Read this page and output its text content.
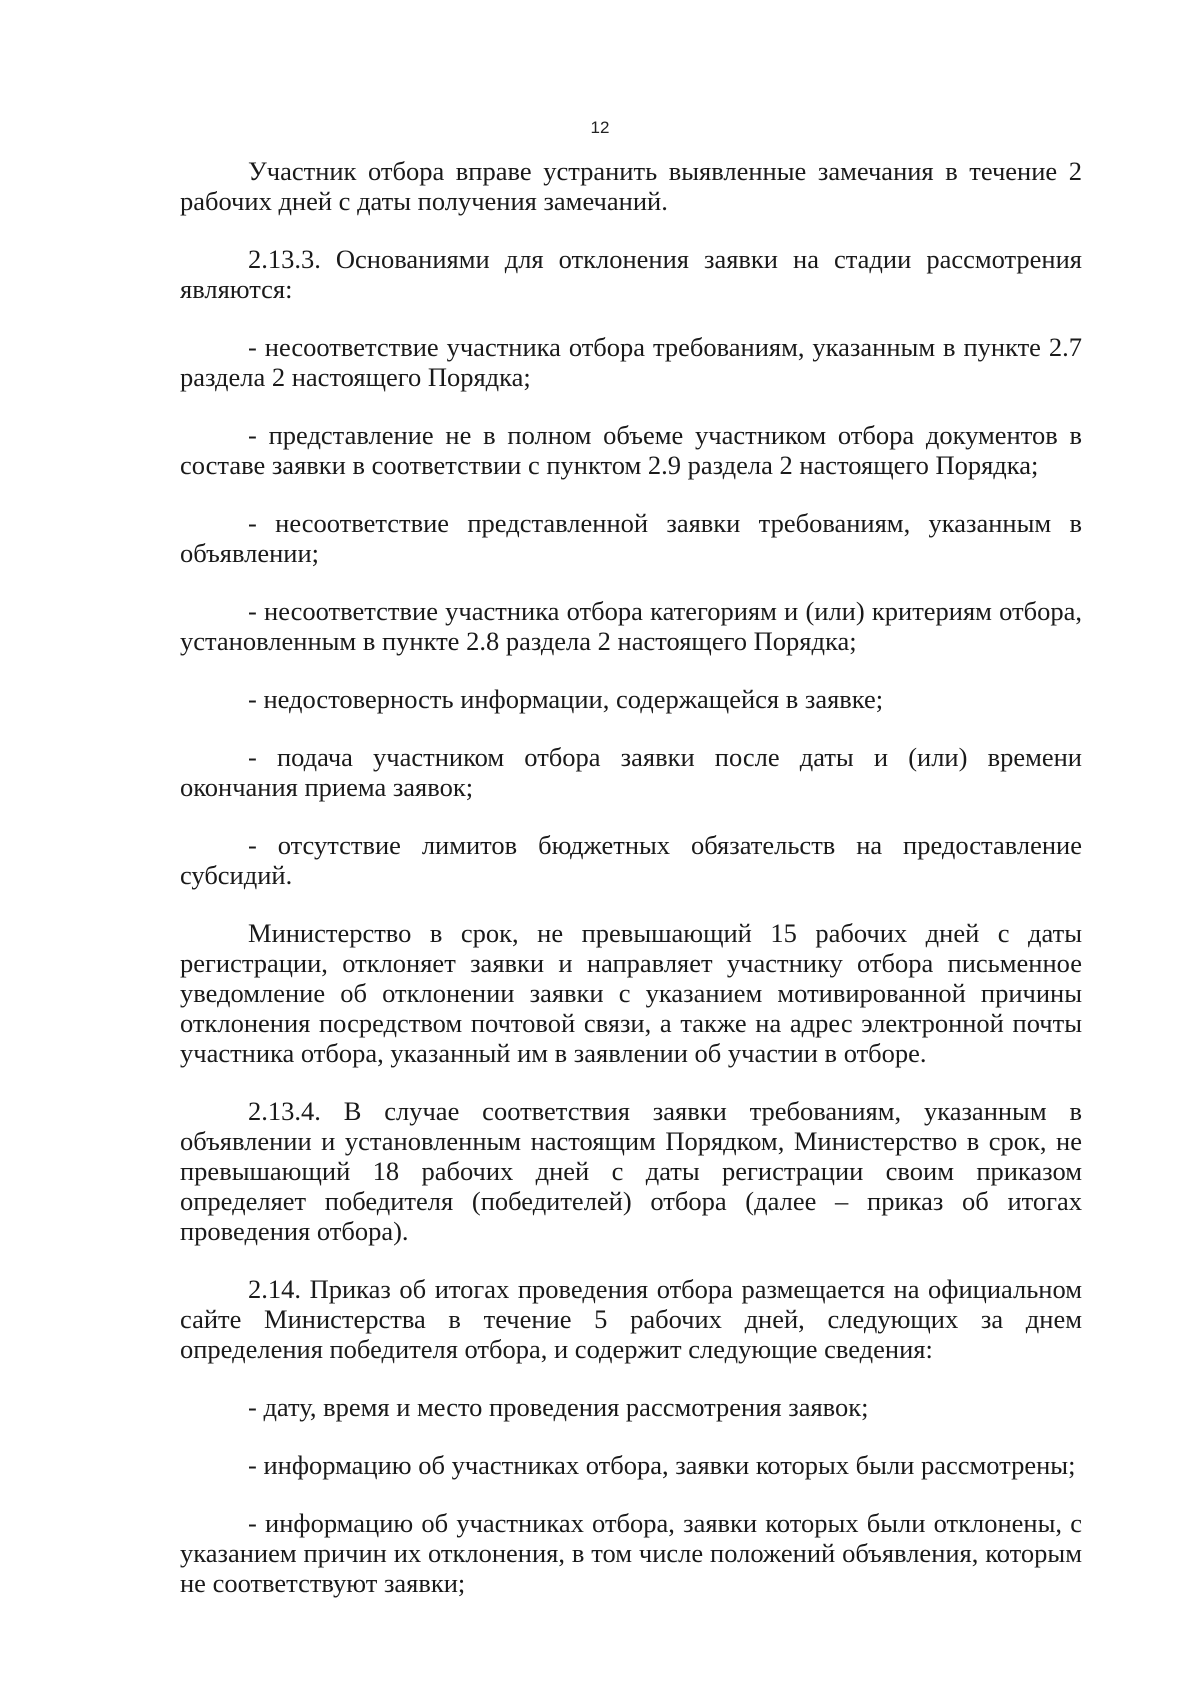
12

Участник отбора вправе устранить выявленные замечания в течение 2 рабочих дней с даты получения замечаний.

2.13.3. Основаниями для отклонения заявки на стадии рассмотрения являются:

- несоответствие участника отбора требованиям, указанным в пункте 2.7 раздела 2 настоящего Порядка;

- представление не в полном объеме участником отбора документов в составе заявки в соответствии с пунктом 2.9 раздела 2 настоящего Порядка;

- несоответствие представленной заявки требованиям, указанным в объявлении;

- несоответствие участника отбора категориям и (или) критериям отбора, установленным в пункте 2.8 раздела 2 настоящего Порядка;

- недостоверность информации, содержащейся в заявке;

- подача участником отбора заявки после даты и (или) времени окончания приема заявок;

- отсутствие лимитов бюджетных обязательств на предоставление субсидий.

Министерство в срок, не превышающий 15 рабочих дней с даты регистрации, отклоняет заявки и направляет участнику отбора письменное уведомление об отклонении заявки с указанием мотивированной причины отклонения посредством почтовой связи, а также на адрес электронной почты участника отбора, указанный им в заявлении об участии в отборе.

2.13.4. В случае соответствия заявки требованиям, указанным в объявлении и установленным настоящим Порядком, Министерство в срок, не превышающий 18 рабочих дней с даты регистрации своим приказом определяет победителя (победителей) отбора (далее – приказ об итогах проведения отбора).

2.14. Приказ об итогах проведения отбора размещается на официальном сайте Министерства в течение 5 рабочих дней, следующих за днем определения победителя отбора, и содержит следующие сведения:

- дату, время и место проведения рассмотрения заявок;

- информацию об участниках отбора, заявки которых были рассмотрены;

- информацию об участниках отбора, заявки которых были отклонены, с указанием причин их отклонения, в том числе положений объявления, которым не соответствуют заявки;
